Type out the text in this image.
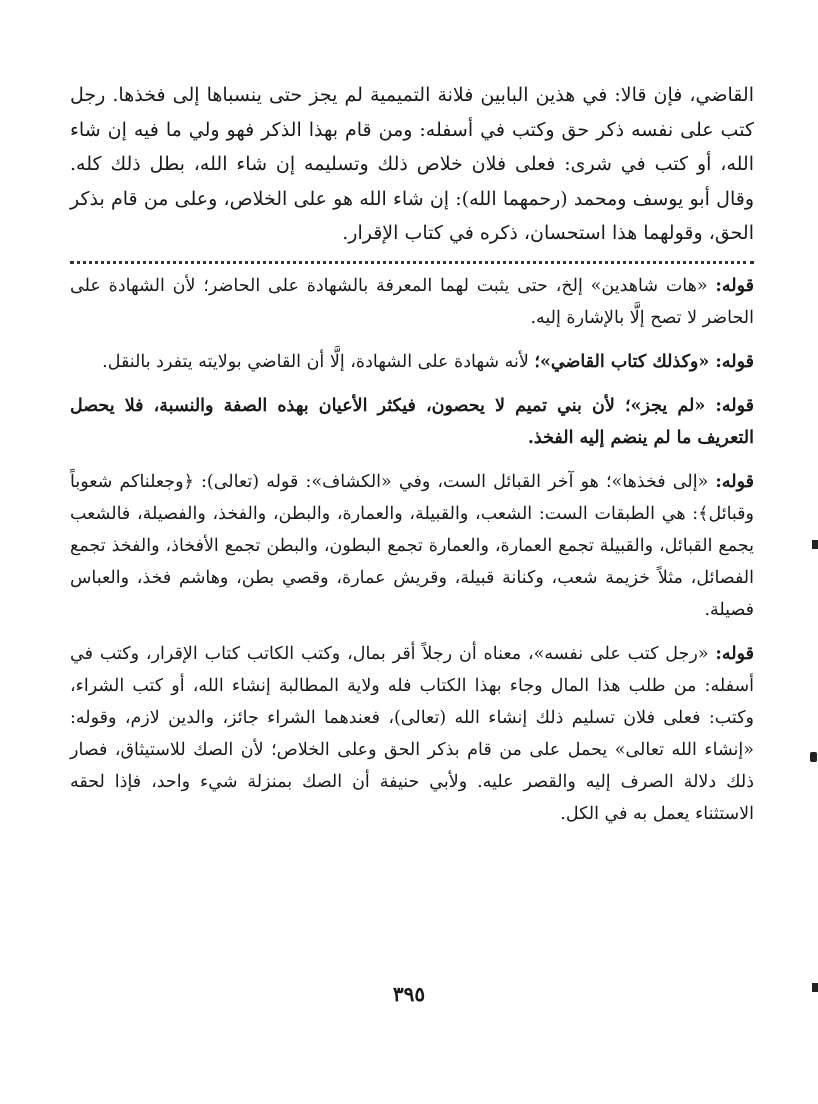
القاضي، فإن قالا: في هذين البابين فلانة التميمية لم يجز حتى ينسباها إلى فخذها. رجل كتب على نفسه ذكر حق وكتب في أسفله: ومن قام بهذا الذكر فهو ولي ما فيه إن شاء الله، أو كتب في شرى: فعلى فلان خلاص ذلك وتسليمه إن شاء الله، بطل ذلك كله. وقال أبو يوسف ومحمد (رحمهما الله): إن شاء الله هو على الخلاص، وعلى من قام بذكر الحق، وقولهما هذا استحسان، ذكره في كتاب الإقرار.

قوله: «هات شاهدين» إلخ، حتى يثبت لهما المعرفة بالشهادة على الحاضر؛ لأن الشهادة على الحاضر لا تصح إلَّا بالإشارة إليه.

قوله: «وكذلك كتاب القاضي»؛ لأنه شهادة على الشهادة، إلَّا أن القاضي بولايته يتفرد بالنقل.

قوله: «لم يجز»؛ لأن بني تميم لا يحصون، فيكثر الأعيان بهذه الصفة والنسبة، فلا يحصل التعريف ما لم ينضم إليه الفخذ.

قوله: «إلى فخذها»؛ هو آخر القبائل الست، وفي «الكشاف»: قوله (تعالى): ﴿وجعلناكم شعوباً وقبائل﴾: هي الطبقات الست: الشعب، والقبيلة، والعمارة، والبطن، والفخذ، والفصيلة، فالشعب يجمع القبائل، والقبيلة تجمع العمارة، والعمارة تجمع البطون، والبطن تجمع الأفخاذ، والفخذ تجمع الفصائل، مثلاً خزيمة شعب، وكنانة قبيلة، وقريش عمارة، وقصي بطن، وهاشم فخذ، والعباس فصيلة.

قوله: «رجل كتب على نفسه»، معناه أن رجلاً أقر بمال، وكتب الكاتب كتاب الإقرار، وكتب في أسفله: من طلب هذا المال وجاء بهذا الكتاب فله ولاية المطالبة إنشاء الله، أو كتب الشراء، وكتب: فعلى فلان تسليم ذلك إنشاء الله (تعالى)، فعندهما الشراء جائز، والدين لازم، وقوله: «إنشاء الله تعالى» يحمل على من قام بذكر الحق وعلى الخلاص؛ لأن الصك للاستيثاق، فصار ذلك دلالة الصرف إليه والقصر عليه. ولأبي حنيفة أن الصك بمنزلة شيء واحد، فإذا لحقه الاستثناء يعمل به في الكل.

٣٩٥
